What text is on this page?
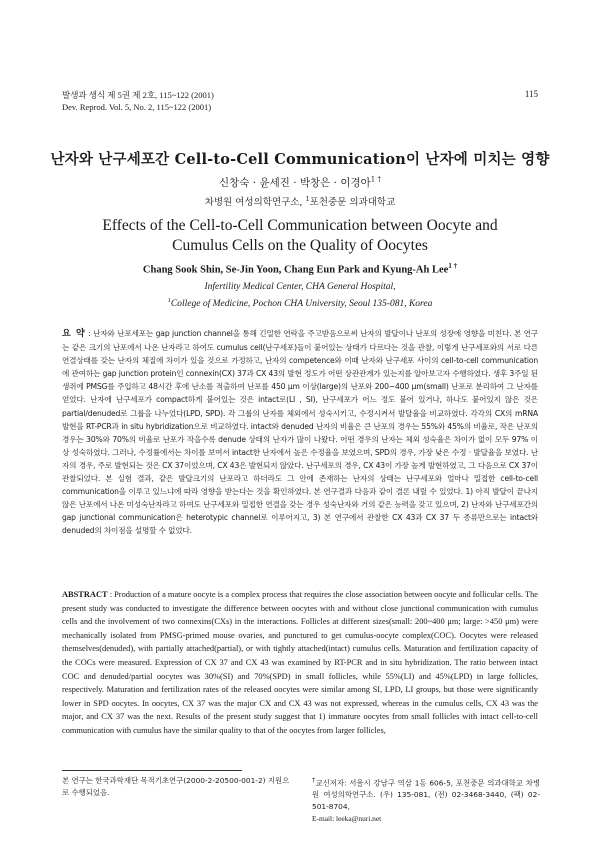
발생과 생식 제 5권 제 2호, 115~122 (2001)
Dev. Reprod. Vol. 5, No. 2, 115~122 (2001)
115
난자와 난구세포간 Cell-to-Cell Communication이 난자에 미치는 영향
신창숙 · 윤세진 · 박창은 · 이경아$^{1 \dagger}$
차병원 여성의학연구소, $^1$포천중문 의과대학교
Effects of the Cell-to-Cell Communication between Oocyte and
Cumulus Cells on the Quality of Oocytes
Chang Sook Shin, Se-Jin Yoon, Chang Eun Park and Kyung-Ah Lee$^{1 \dagger}$
Infertility Medical Center, CHA General Hospital,
$^1$College of Medicine, Pochon CHA University, Seoul 135-081, Korea
요 약 : 난자와 난포세포는 gap junction channel을 통해 긴밀한 연락을 주고받음으로써 난자의 발달이나 난포의 성장에 영향을 미친다. 본 연구는 같은 크기의 난포에서 나온 난자라고 하여도 cumulus cell(난구세포)들이 붙어있는 상태가 다르다는 것을 관찰, 이렇게 난구세포와의 서로 다른 연결상태를 갖는 난자의 체질에 차이가 있을 것으로 가정하고, 난자의 competence와 이때 난자와 난구세포 사이의 cell-to-cell communication에 관여하는 gap junction protein인 connexin(CX) 37과 CX 43의 발현 정도가 어떤 상관관계가 있는지를 알아보고자 수행하였다. 생후 3주일 된 생쥐에 PMSG를 주입하고 48시간 후에 난소를 적출하여 난포를 450 μm 이상(large)의 난포와 200~400 μm(small) 난포로 분리하여 그 난자를 얻었다. 난자에 난구세포가 compact하게 붙어있는 것은 intact로(LI , SI), 난구세포가 어느 정도 붙어 있거나, 하나도 붙어있지 않은 것은 partial/denuded로 그룹을 나누었다(LPD, SPD). 각 그룹의 난자를 체외에서 성숙시키고, 수정시켜서 발달율을 비교하였다. 각각의 CX의 mRNA 발현을 RT-PCR과 in situ hybridization으로 비교하였다. intact와 denuded 난자의 비율은 큰 난포의 경우는 55%와 45%의 비율로, 작은 난포의 경우는 30%와 70%의 비율로 난포가 작을수록 denude 상태의 난자가 많이 나왔다. 어떤 경우의 난자는 체외 성숙율은 차이가 없이 모두 97% 이상 성숙하였다. 그러나, 수정률에서는 차이를 보여서 intact한 난자에서 높은 수정율을 보였으며, SPD의 경우, 가장 낮은 수정 · 발달율을 보였다. 난자의 경우, 주로 발현되는 것은 CX 37이었으며, CX 43은 발현되지 않았다. 난구세포의 경우, CX 43이 가장 높게 발현하였고, 그 다음으로 CX 37이 관찰되었다. 본 실험 결과, 같은 발달크기의 난포라고 하더라도 그 안에 존재하는 난자의 상태는 난구세포와 얼마나 밀접한 cell-to-cell communication을 이루고 있느냐에 따라 영향을 받는다는 것을 확인하였다. 본 연구결과 다음과 같이 결론 내릴 수 있었다. 1) 아직 발달이 끝나지 않은 난포에서 나온 미성숙난자라고 하여도 난구세포와 밀접한 연결을 갖는 경우 성숙난자와 거의 같은 능력을 갖고 있으며, 2) 난자와 난구세포간의 gap junctional communication은 heterotypic channel로 이루어지고, 3) 본 연구에서 관찰한 CX 43과 CX 37 두 종류만으로는 intact와 denuded의 차이점을 설명할 수 없었다.
ABSTRACT : Production of a mature oocyte is a complex process that requires the close association between oocyte and follicular cells. The present study was conducted to investigate the difference between oocytes with and without close junctional communication with cumulus cells and the involvement of two connexins(CXs) in the interactions. Follicles at different sizes(small: 200~400 μm; large: >450 μm) were mechanically isolated from PMSG-primed mouse ovaries, and punctured to get cumulus-oocyte complex(COC). Oocytes were released themselves(denuded), with partially attached(partial), or with tightly attached(intact) cumulus cells. Maturation and fertilization capacity of the COCs were measured. Expression of CX 37 and CX 43 was examined by RT-PCR and in situ hybridization. The ratio between intact COC and denuded/partial oocytes was 30%(SI) and 70%(SPD) in small follicles, while 55%(LI) and 45%(LPD) in large follicles, respectively. Maturation and fertilization rates of the released oocytes were similar among SI, LPD, LI groups, but those were significantly lower in SPD oocytes. In oocytes, CX 37 was the major CX and CX 43 was not expressed, whereas in the cumulus cells, CX 43 was the major, and CX 37 was the next. Results of the present study suggest that 1) immature oocytes from small follicles with intact cell-to-cell communication with cumulus have the similar quality to that of the oocytes from larger follicles,
본 연구는 한국과학재단 목적기초연구(2000-2-20500-001-2) 지원으로 수행되었음.
†교신저자: 서울시 강남구 역삼 1동 606-5, 포천중문 의과대학교 차병원 여성의학연구소. (우) 135-081, (전) 02-3468-3440, (팩) 02-501-8704,
E-mail: leeka@nuri.net
